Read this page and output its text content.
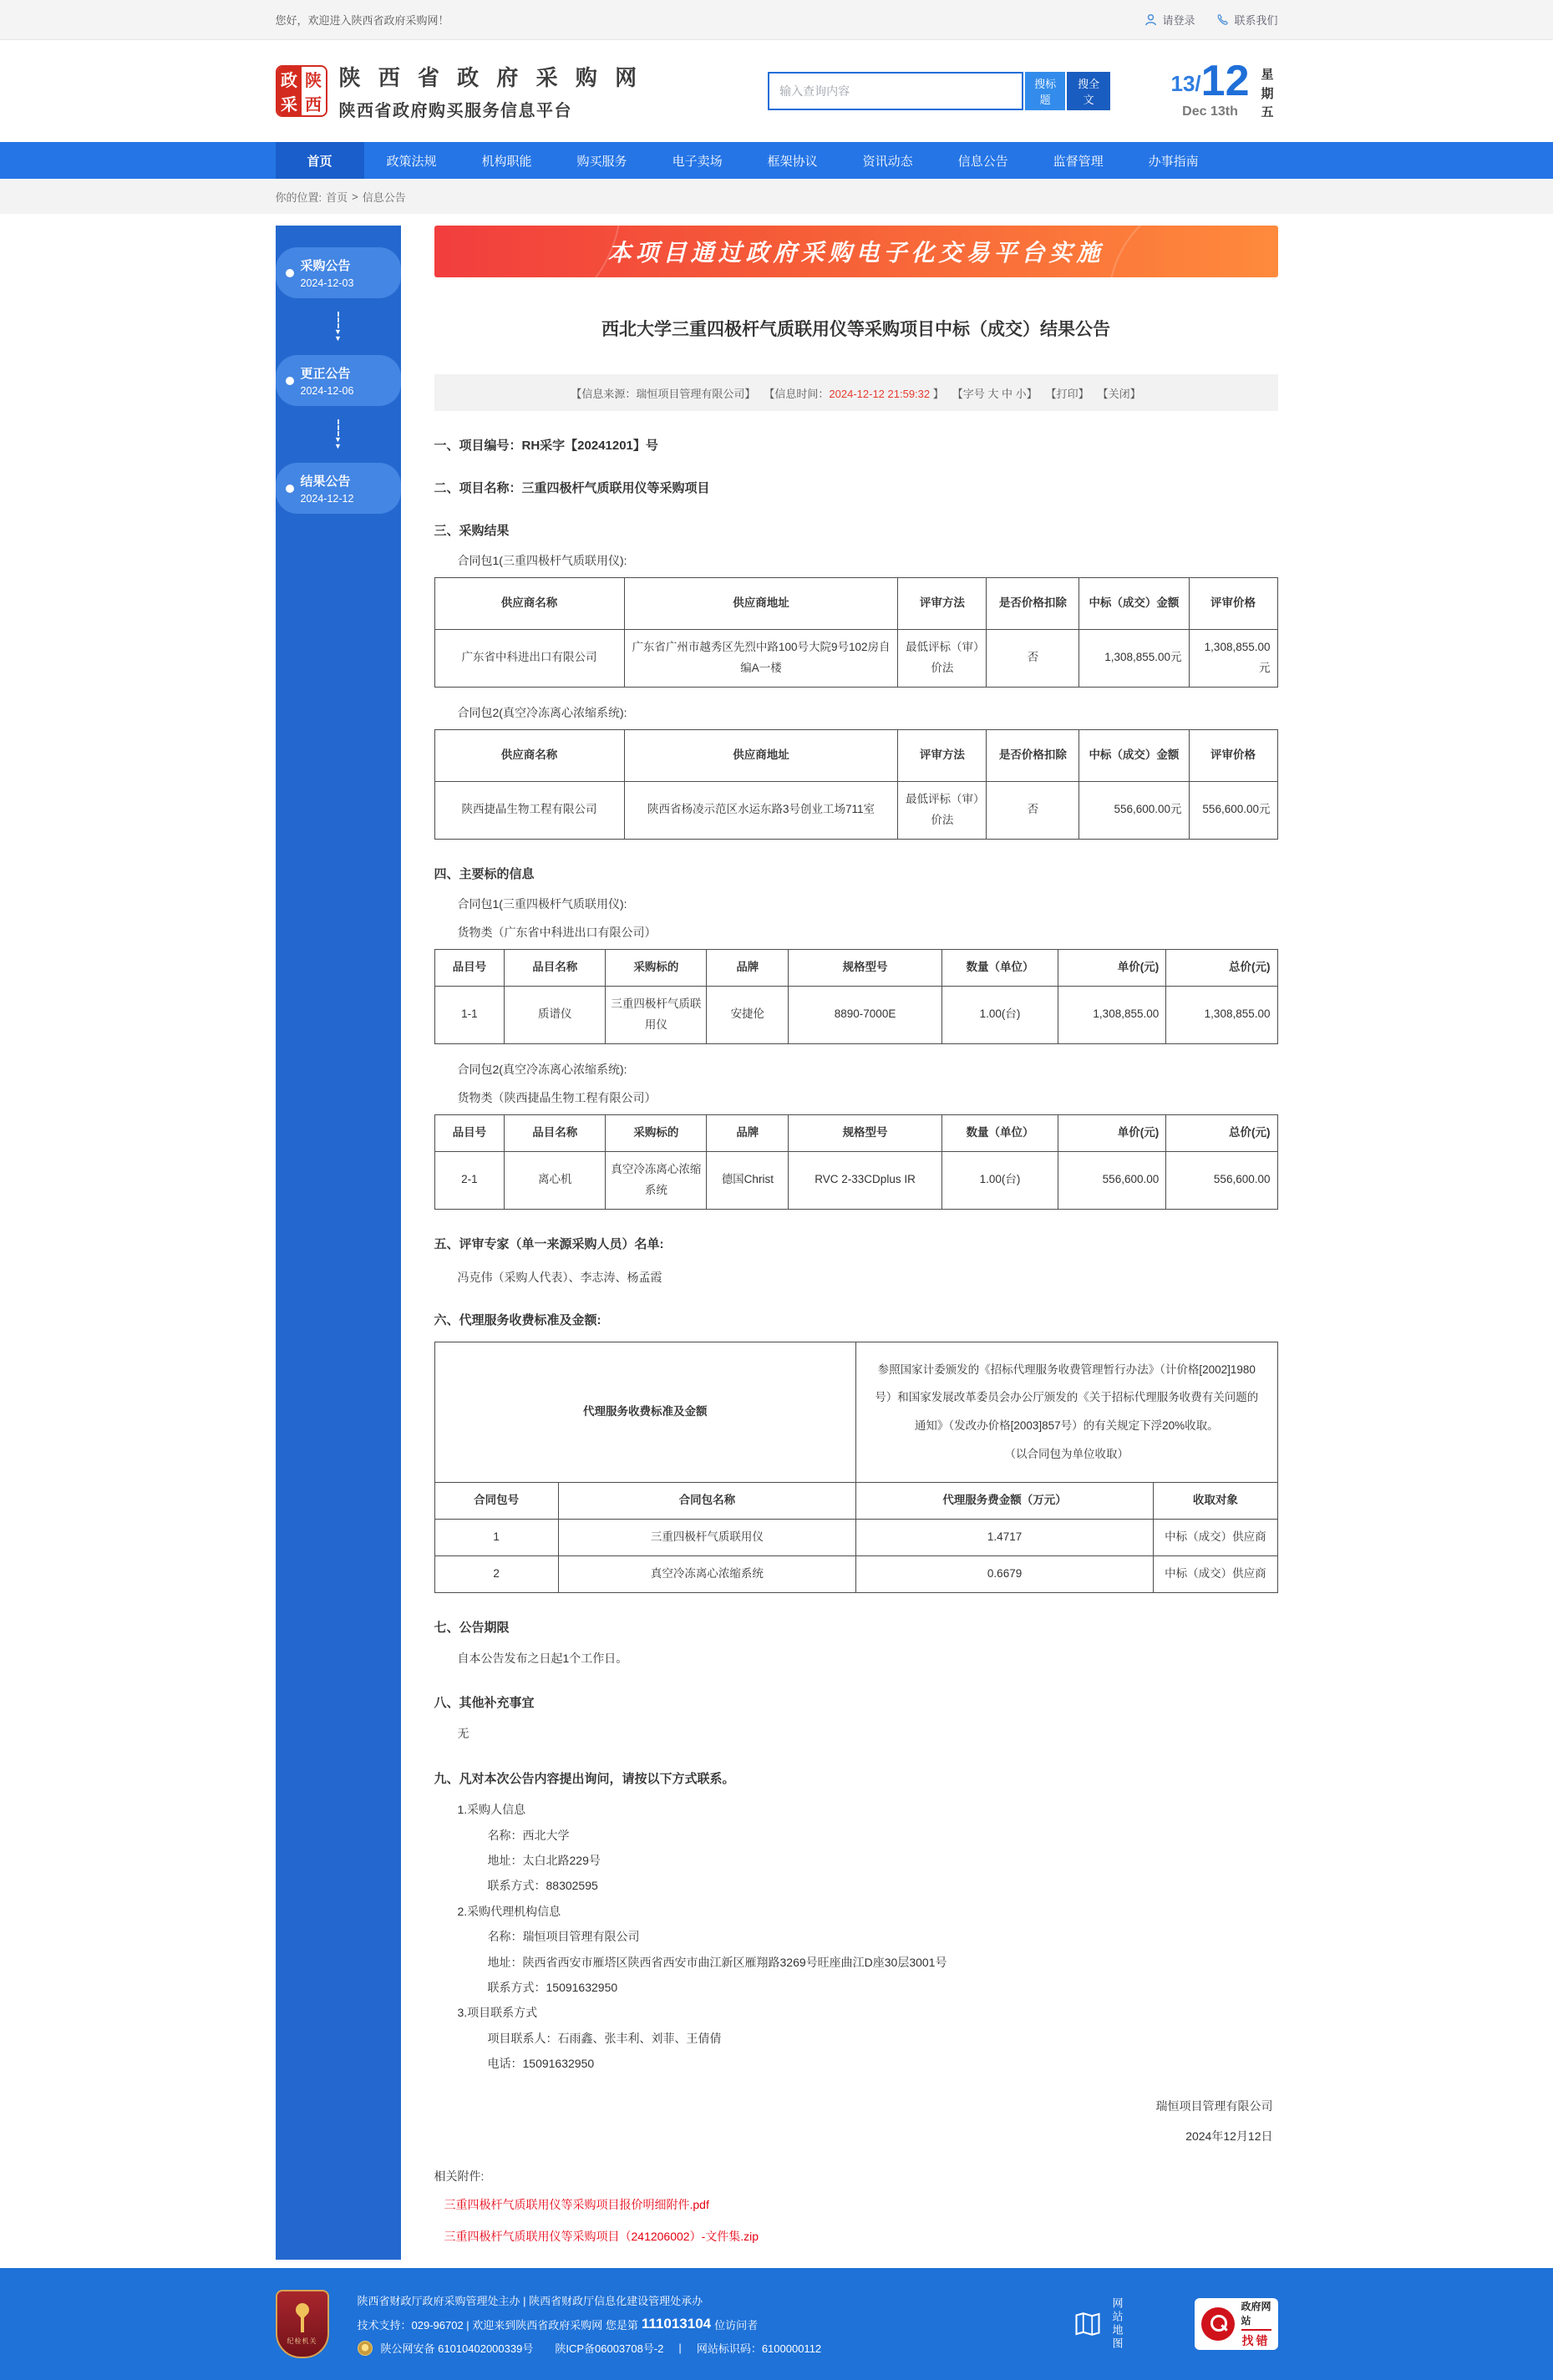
您好，欢迎进入陕西省政府采购网！	请登录	联系我们
政
采
陕
西
陕 西 省 政 府 采 购 网
陕西省政府购买服务信息平台
输入查询内容
搜标题
搜全文
13/ 12
Dec 13th
星期五
首页	政策法规	机构职能	购买服务	电子卖场	框架协议	资讯动态	信息公告	监督管理	办事指南
你的位置: 首页 > 信息公告
采购公告
2024-12-03
▼
▼
更正公告
2024-12-06
▼
▼
结果公告
2024-12-12
本项目通过政府采购电子化交易平台实施
西北大学三重四极杆气质联用仪等采购项目中标（成交）结果公告
【信息来源：瑞恒项目管理有限公司】 【信息时间：2024-12-12 21:59:32 】 【字号 大 中 小】 【打印】 【关闭】
一、项目编号：RH采字【20241201】号
二、项目名称：三重四极杆气质联用仪等采购项目
三、采购结果
合同包1(三重四极杆气质联用仪):
供应商名称	供应商地址	评审方法	是否价格扣除	中标（成交）金额	评审价格
广东省中科进出口有限公司	广东省广州市越秀区先烈中路100号大院9号102房自编A一楼	最低评标（审）价法	否	1,308,855.00元	1,308,855.00元
合同包2(真空冷冻离心浓缩系统):
供应商名称	供应商地址	评审方法	是否价格扣除	中标（成交）金额	评审价格
陕西捷晶生物工程有限公司	陕西省杨凌示范区水运东路3号创业工场711室	最低评标（审）价法	否	556,600.00元	556,600.00元
四、主要标的信息
合同包1(三重四极杆气质联用仪):
货物类（广东省中科进出口有限公司）
品目号	品目名称	采购标的	品牌	规格型号	数量（单位）	单价(元)	总价(元)
1-1	质谱仪	三重四极杆气质联用仪	安捷伦	8890-7000E	1.00(台)	1,308,855.00	1,308,855.00
合同包2(真空冷冻离心浓缩系统):
货物类（陕西捷晶生物工程有限公司）
品目号	品目名称	采购标的	品牌	规格型号	数量（单位）	单价(元)	总价(元)
2-1	离心机	真空冷冻离心浓缩系统	德国Christ	RVC 2-33CDplus IR	1.00(台)	556,600.00	556,600.00
五、评审专家（单一来源采购人员）名单:
冯克伟（采购人代表）、李志涛、杨孟霞
六、代理服务收费标准及金额:
代理服务收费标准及金额		参照国家计委颁发的《招标代理服务收费管理暂行办法》（计价格[2002]1980号）和国家发展改革委员会办公厅颁发的《关于招标代理服务收费有关问题的通知》（发改办价格[2003]857号）的有关规定下浮20%收取。
（以合同包为单位收取）	

合同包号	合同包名称	代理服务费金额（万元）	收取对象
1	三重四极杆气质联用仪	1.4717	中标（成交）供应商
2	真空冷冻离心浓缩系统	0.6679	中标（成交）供应商
七、公告期限
自本公告发布之日起1个工作日。
八、其他补充事宜
无
九、凡对本次公告内容提出询问，请按以下方式联系。
1.采购人信息
名称：西北大学
地址：太白北路229号
联系方式：88302595
2.采购代理机构信息
名称：瑞恒项目管理有限公司
地址：陕西省西安市雁塔区陕西省西安市曲江新区雁翔路3269号旺座曲江D座30层3001号
联系方式：15091632950
3.项目联系方式
项目联系人：石雨鑫、张丰利、刘菲、王倩倩
电话：15091632950
瑞恒项目管理有限公司
2024年12月12日
相关附件:
三重四极杆气质联用仪等采购项目报价明细附件.pdf
三重四极杆气质联用仪等采购项目（241206002）-文件集.zip
纪检机关
陕西省财政厅政府采购管理处主办 | 陕西省财政厅信息化建设管理处承办
技术支持：029-96702 | 欢迎来到陕西省政府采购网 您是第 111013104 位访问者
陕公网安备 61010402000339号 陕ICP备06003708号-2 | 网站标识码：6100000112	网站地图	政府网站
找错
